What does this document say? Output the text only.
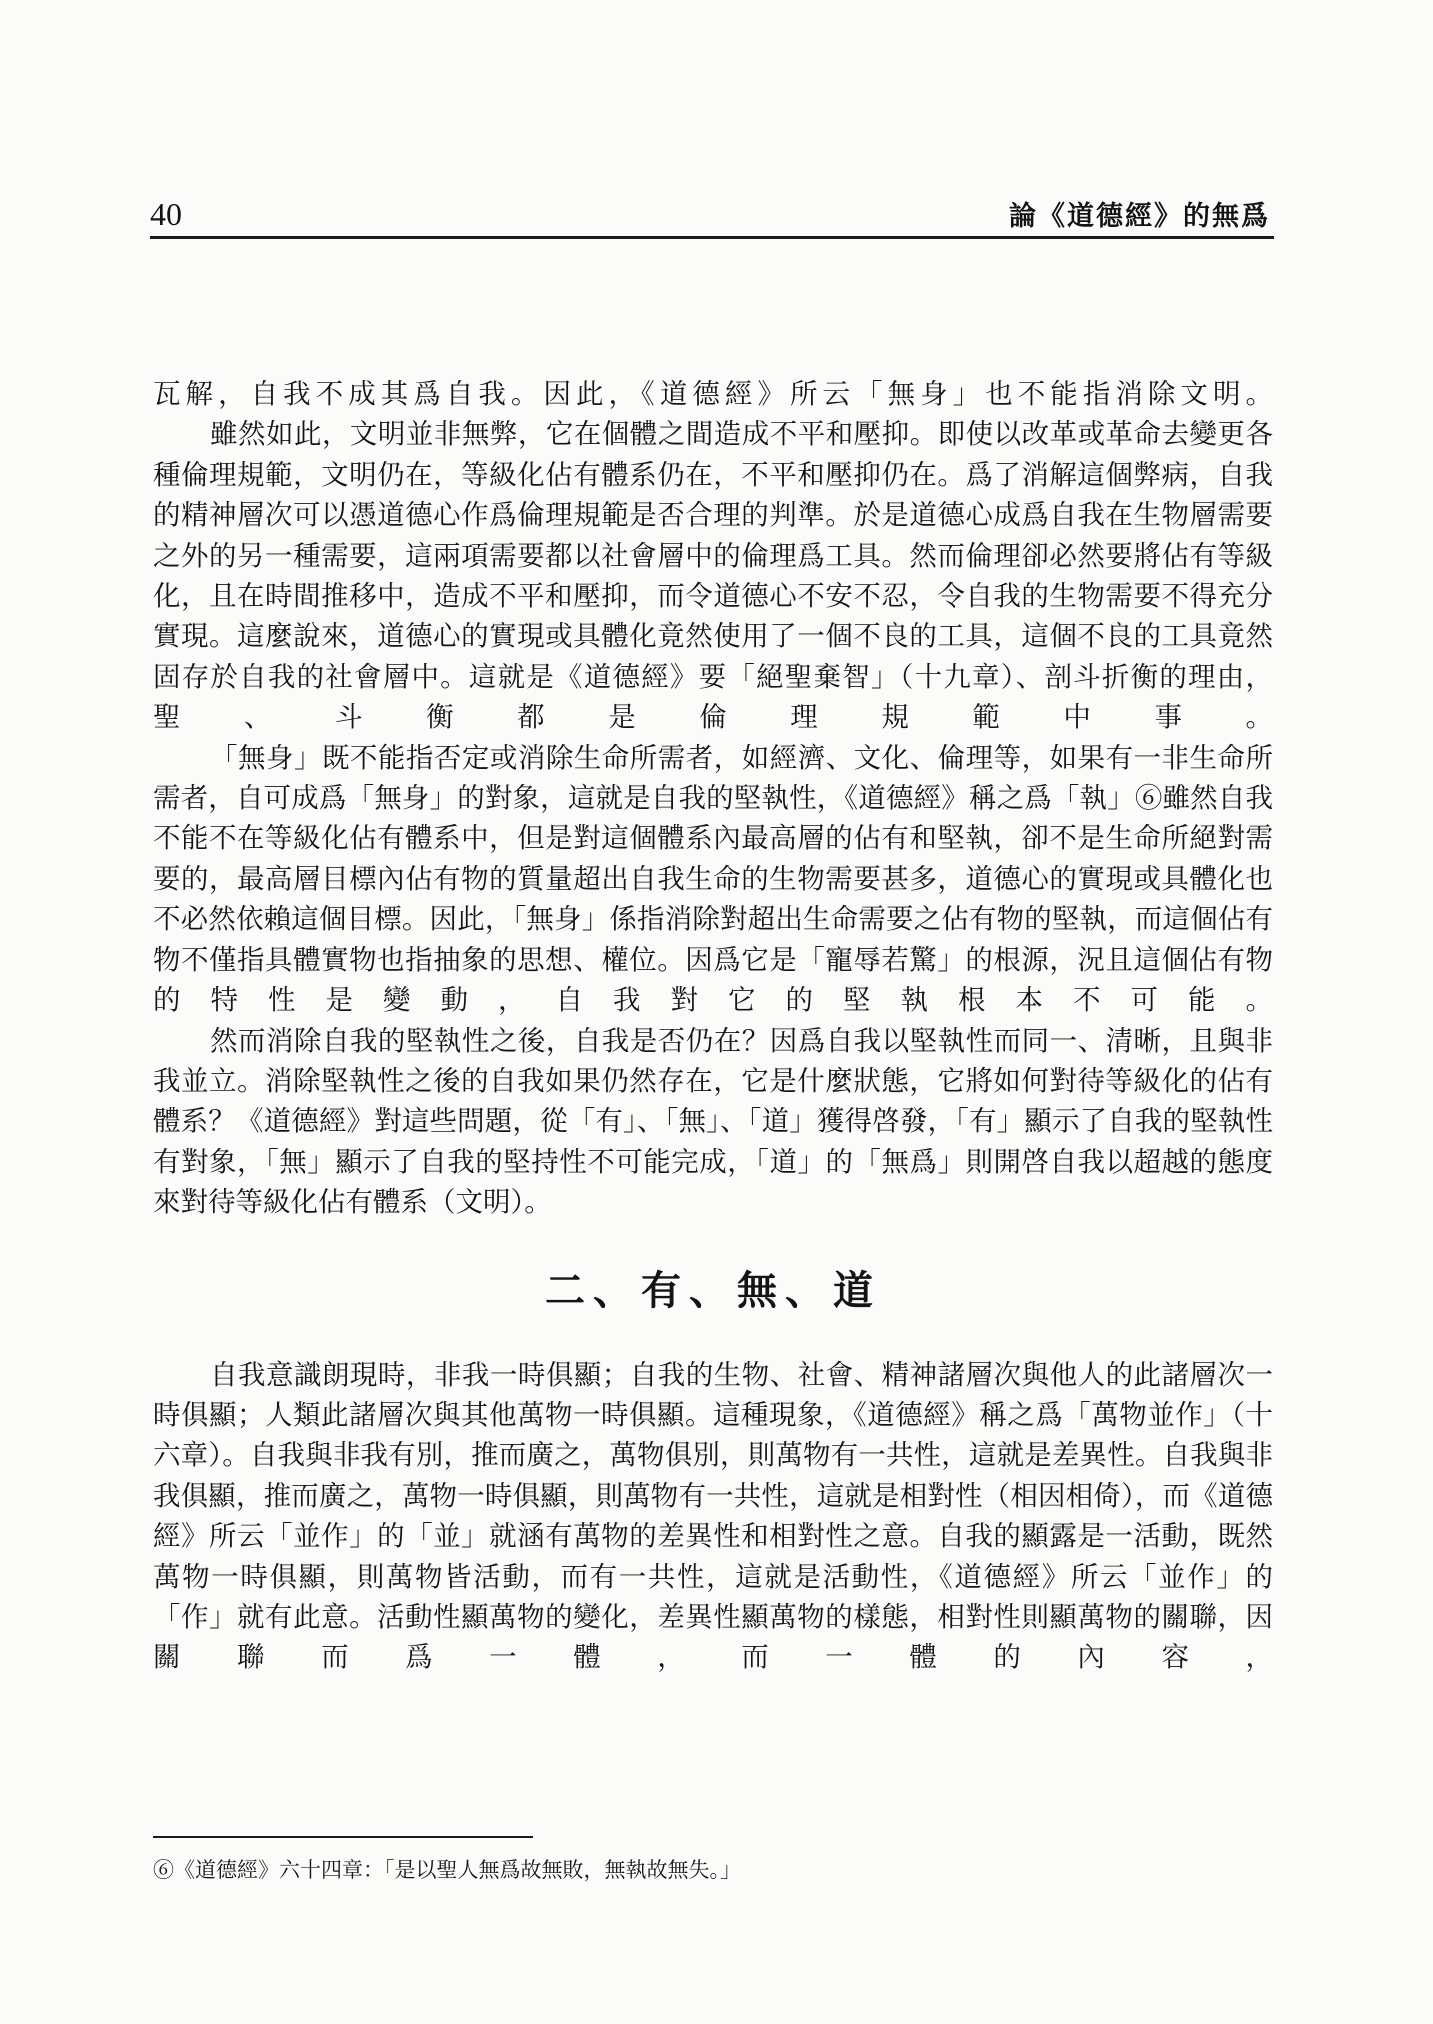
40	論《道德經》的無爲

瓦解，自我不成其爲自我。因此，《道德經》所云「無身」也不能指消除文明。

雖然如此，文明並非無弊，它在個體之間造成不平和壓抑。即使以改革或革命去變更各種倫理規範，文明仍在，等級化佔有體系仍在，不平和壓抑仍在。爲了消解這個弊病，自我的精神層次可以憑道德心作爲倫理規範是否合理的判準。於是道德心成爲自我在生物層需要之外的另一種需要，這兩項需要都以社會層中的倫理爲工具。然而倫理卻必然要將佔有等級化，且在時間推移中，造成不平和壓抑，而令道德心不安不忍，令自我的生物需要不得充分實現。這麼說來，道德心的實現或具體化竟然使用了一個不良的工具，這個不良的工具竟然固存於自我的社會層中。這就是《道德經》要「絕聖棄智」（十九章）、剖斗折衡的理由，聖、斗衡都是倫理規範中事。

「無身」既不能指否定或消除生命所需者，如經濟、文化、倫理等，如果有一非生命所需者，自可成爲「無身」的對象，這就是自我的堅執性，《道德經》稱之爲「執」⑥雖然自我不能不在等級化佔有體系中，但是對這個體系內最高層的佔有和堅執，卻不是生命所絕對需要的，最高層目標內佔有物的質量超出自我生命的生物需要甚多，道德心的實現或具體化也不必然依賴這個目標。因此，「無身」係指消除對超出生命需要之佔有物的堅執，而這個佔有物不僅指具體實物也指抽象的思想、權位。因爲它是「寵辱若驚」的根源，況且這個佔有物的特性是變動，自我對它的堅執根本不可能。

然而消除自我的堅執性之後，自我是否仍在？因爲自我以堅執性而同一、清晰，且與非我並立。消除堅執性之後的自我如果仍然存在，它是什麼狀態，它將如何對待等級化的佔有體系？《道德經》對這些問題，從「有」、「無」、「道」獲得啓發，「有」顯示了自我的堅執性有對象，「無」顯示了自我的堅持性不可能完成，「道」的「無爲」則開啓自我以超越的態度來對待等級化佔有體系（文明）。

二、有、無、道

自我意識朗現時，非我一時俱顯；自我的生物、社會、精神諸層次與他人的此諸層次一時俱顯；人類此諸層次與其他萬物一時俱顯。這種現象，《道德經》稱之爲「萬物並作」（十六章）。自我與非我有別，推而廣之，萬物俱別，則萬物有一共性，這就是差異性。自我與非我俱顯，推而廣之，萬物一時俱顯，則萬物有一共性，這就是相對性（相因相倚），而《道德經》所云「並作」的「並」就涵有萬物的差異性和相對性之意。自我的顯露是一活動，既然萬物一時俱顯，則萬物皆活動，而有一共性，這就是活動性，《道德經》所云「並作」的「作」就有此意。活動性顯萬物的變化，差異性顯萬物的樣態，相對性則顯萬物的關聯，因關聯而爲一體，而一體的內容，

⑥《道德經》六十四章：「是以聖人無爲故無敗，無執故無失。」
